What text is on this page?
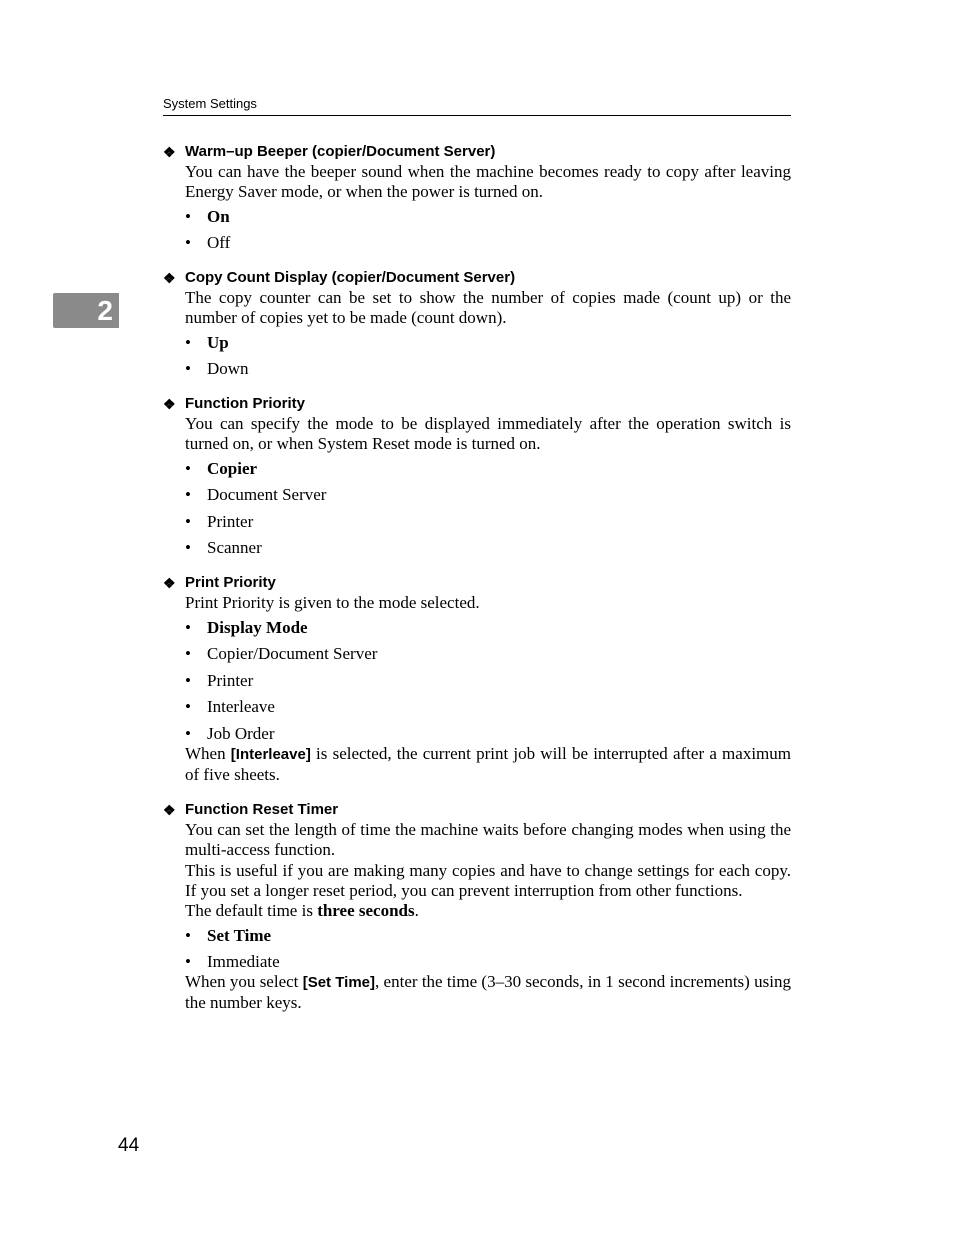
System Settings
2
❖ Warm–up Beeper (copier/Document Server)

You can have the beeper sound when the machine becomes ready to copy after leaving Energy Saver mode, or when the power is turned on.

• On
• Off
❖ Copy Count Display (copier/Document Server)

The copy counter can be set to show the number of copies made (count up) or the number of copies yet to be made (count down).

• Up
• Down
❖ Function Priority

You can specify the mode to be displayed immediately after the operation switch is turned on, or when System Reset mode is turned on.

• Copier
• Document Server
• Printer
• Scanner
❖ Print Priority

Print Priority is given to the mode selected.

• Display Mode
• Copier/Document Server
• Printer
• Interleave
• Job Order

When [Interleave] is selected, the current print job will be interrupted after a maximum of five sheets.

❖ Function Reset Timer

You can set the length of time the machine waits before changing modes when using the multi-access function.

This is useful if you are making many copies and have to change settings for each copy. If you set a longer reset period, you can prevent interruption from other functions.

The default time is three seconds.

• Set Time
• Immediate

When you select [Set Time], enter the time (3–30 seconds, in 1 second increments) using the number keys.

44
